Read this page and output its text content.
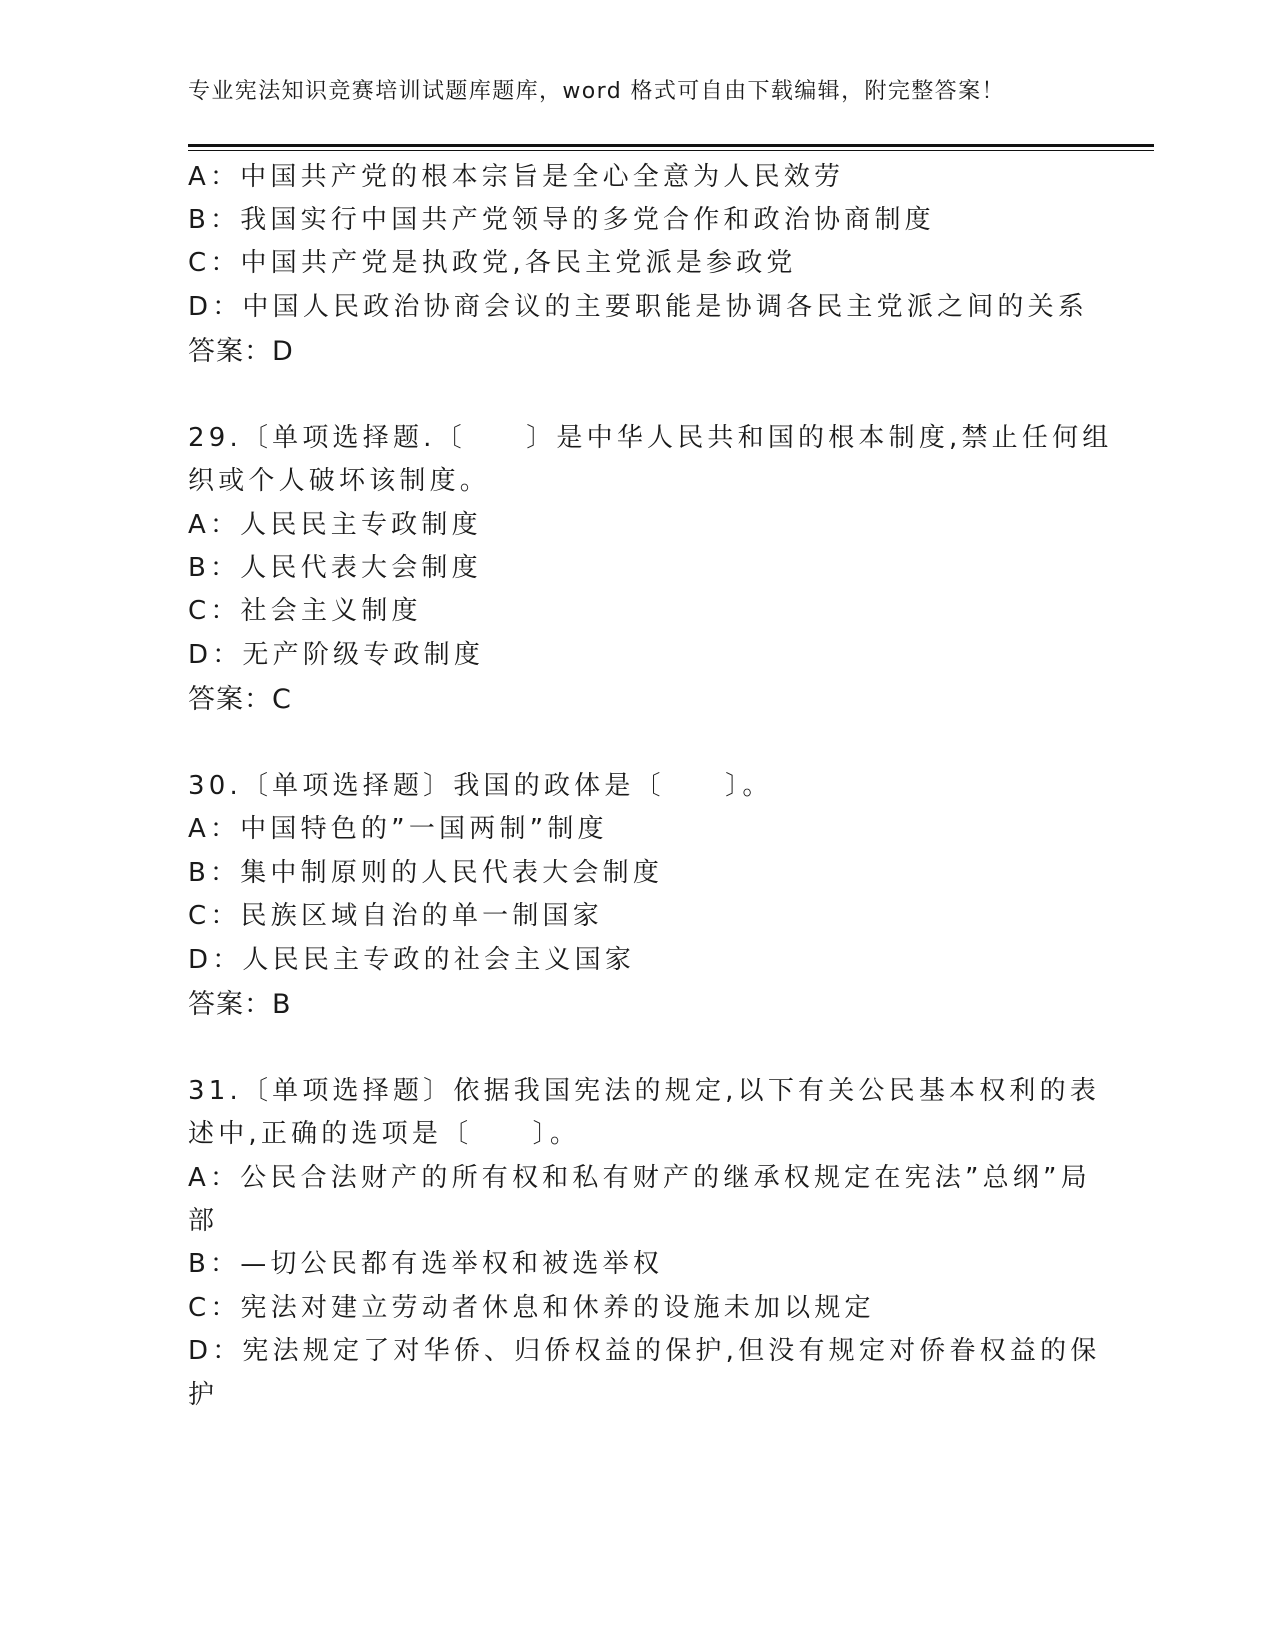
专业宪法知识竞赛培训试题库题库，word 格式可自由下载编辑，附完整答案！
A：中国共产党的根本宗旨是全心全意为人民效劳
B：我国实行中国共产党领导的多党合作和政治协商制度
C：中国共产党是执政党,各民主党派是参政党
D：中国人民政治协商会议的主要职能是协调各民主党派之间的关系
答案：D
29.〔单项选择题.〔　　〕是中华人民共和国的根本制度,禁止任何组
织或个人破坏该制度。
A：人民民主专政制度
B：人民代表大会制度
C：社会主义制度
D：无产阶级专政制度
答案：C
30.〔单项选择题〕我国的政体是〔　　〕。
A：中国特色的”一国两制”制度
B：集中制原则的人民代表大会制度
C：民族区域自治的单一制国家
D：人民民主专政的社会主义国家
答案：B
31.〔单项选择题〕依据我国宪法的规定,以下有关公民基本权利的表
述中,正确的选项是〔　　〕。
A：公民合法财产的所有权和私有财产的继承权规定在宪法”总纲”局
部
B：—切公民都有选举权和被选举权
C：宪法对建立劳动者休息和休养的设施未加以规定
D：宪法规定了对华侨、归侨权益的保护,但没有规定对侨眷权益的保
护
